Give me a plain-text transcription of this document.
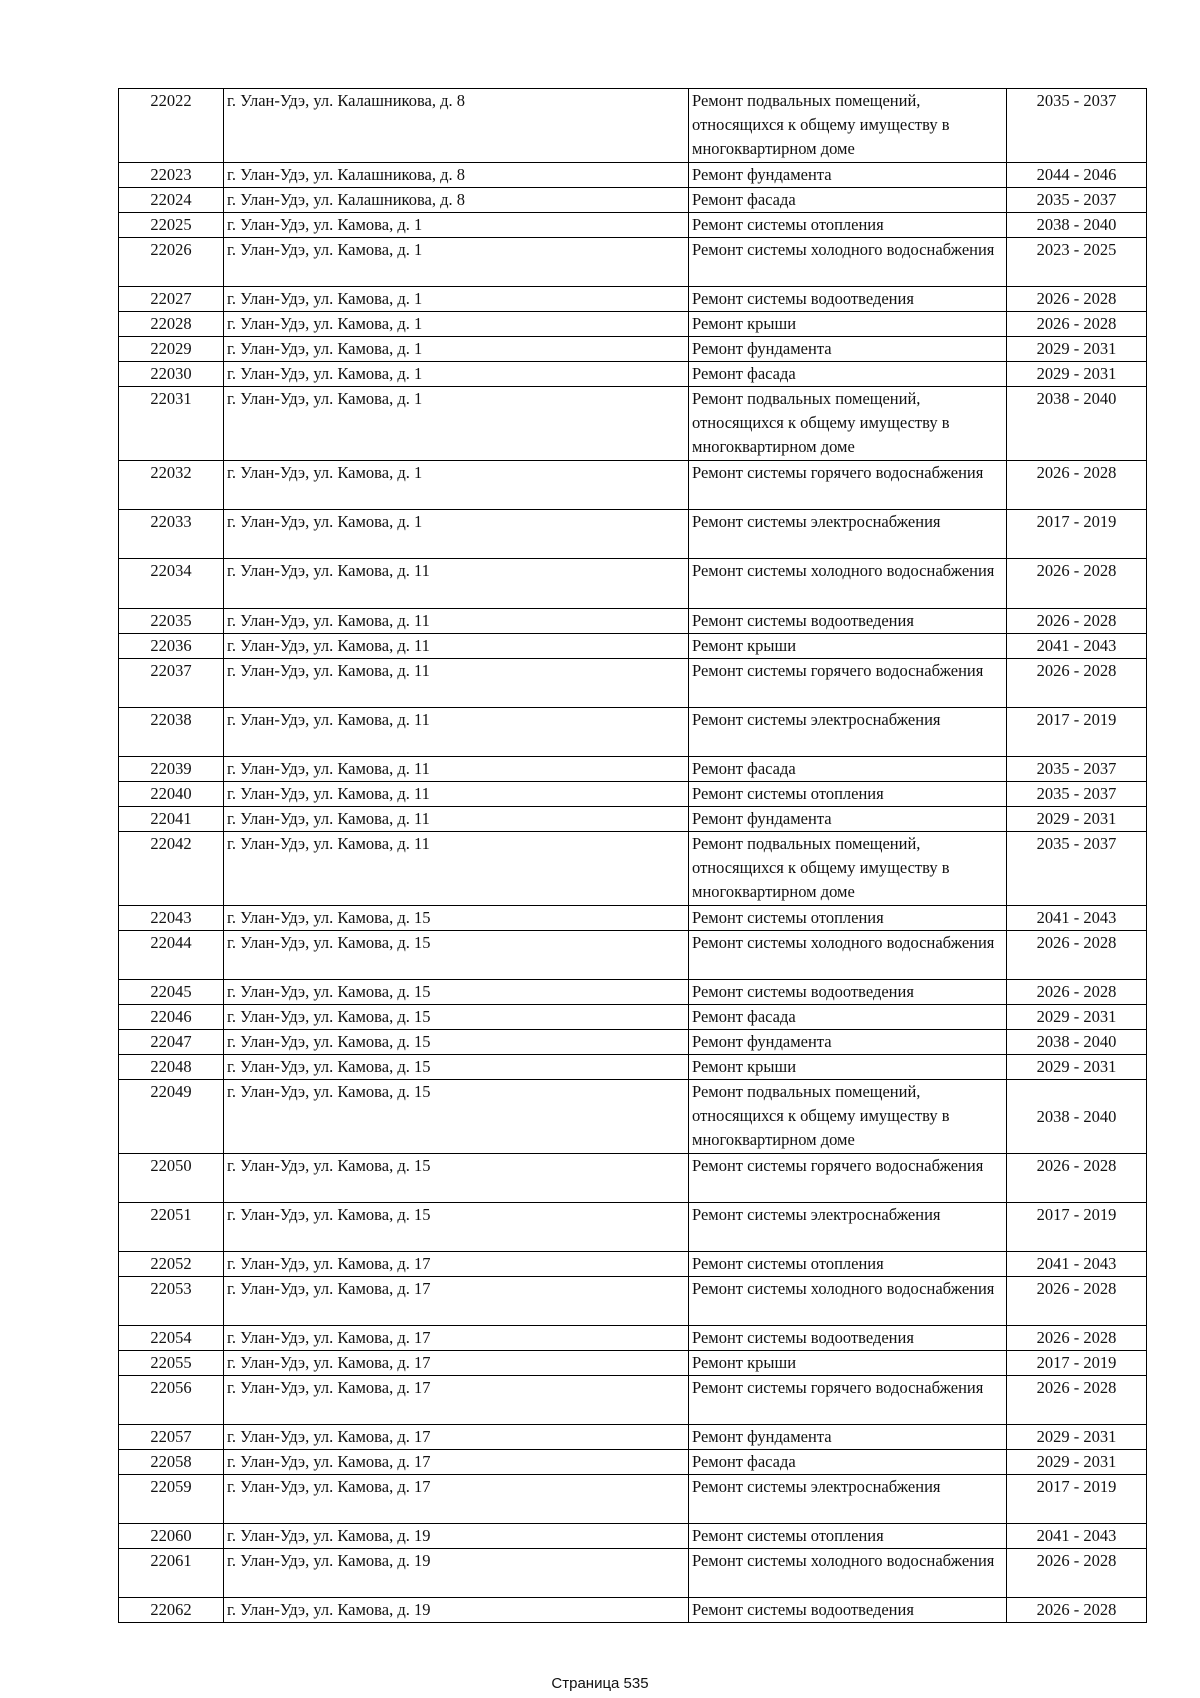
22022	г. Улан-Удэ, ул. Калашникова, д. 8	Ремонт подвальных помещений, относящихся к общему имуществу в многоквартирном доме	2035 - 2037
22023	г. Улан-Удэ, ул. Калашникова, д. 8	Ремонт фундамента	2044 - 2046
22024	г. Улан-Удэ, ул. Калашникова, д. 8	Ремонт фасада	2035 - 2037
22025	г. Улан-Удэ, ул. Камова, д. 1	Ремонт системы отопления	2038 - 2040
22026	г. Улан-Удэ, ул. Камова, д. 1	Ремонт системы холодного водоснабжения	2023 - 2025
22027	г. Улан-Удэ, ул. Камова, д. 1	Ремонт системы водоотведения	2026 - 2028
22028	г. Улан-Удэ, ул. Камова, д. 1	Ремонт крыши	2026 - 2028
22029	г. Улан-Удэ, ул. Камова, д. 1	Ремонт фундамента	2029 - 2031
22030	г. Улан-Удэ, ул. Камова, д. 1	Ремонт фасада	2029 - 2031
22031	г. Улан-Удэ, ул. Камова, д. 1	Ремонт подвальных помещений, относящихся к общему имуществу в многоквартирном доме	2038 - 2040
22032	г. Улан-Удэ, ул. Камова, д. 1	Ремонт системы горячего водоснабжения	2026 - 2028
22033	г. Улан-Удэ, ул. Камова, д. 1	Ремонт системы электроснабжения	2017 - 2019
22034	г. Улан-Удэ, ул. Камова, д. 11	Ремонт системы холодного водоснабжения	2026 - 2028
22035	г. Улан-Удэ, ул. Камова, д. 11	Ремонт системы водоотведения	2026 - 2028
22036	г. Улан-Удэ, ул. Камова, д. 11	Ремонт крыши	2041 - 2043
22037	г. Улан-Удэ, ул. Камова, д. 11	Ремонт системы горячего водоснабжения	2026 - 2028
22038	г. Улан-Удэ, ул. Камова, д. 11	Ремонт системы электроснабжения	2017 - 2019
22039	г. Улан-Удэ, ул. Камова, д. 11	Ремонт фасада	2035 - 2037
22040	г. Улан-Удэ, ул. Камова, д. 11	Ремонт системы отопления	2035 - 2037
22041	г. Улан-Удэ, ул. Камова, д. 11	Ремонт фундамента	2029 - 2031
22042	г. Улан-Удэ, ул. Камова, д. 11	Ремонт подвальных помещений, относящихся к общему имуществу в многоквартирном доме	2035 - 2037
22043	г. Улан-Удэ, ул. Камова, д. 15	Ремонт системы отопления	2041 - 2043
22044	г. Улан-Удэ, ул. Камова, д. 15	Ремонт системы холодного водоснабжения	2026 - 2028
22045	г. Улан-Удэ, ул. Камова, д. 15	Ремонт системы водоотведения	2026 - 2028
22046	г. Улан-Удэ, ул. Камова, д. 15	Ремонт фасада	2029 - 2031
22047	г. Улан-Удэ, ул. Камова, д. 15	Ремонт фундамента	2038 - 2040
22048	г. Улан-Удэ, ул. Камова, д. 15	Ремонт крыши	2029 - 2031
22049	г. Улан-Удэ, ул. Камова, д. 15	Ремонт подвальных помещений, относящихся к общему имуществу в многоквартирном доме	2038 - 2040
22050	г. Улан-Удэ, ул. Камова, д. 15	Ремонт системы горячего водоснабжения	2026 - 2028
22051	г. Улан-Удэ, ул. Камова, д. 15	Ремонт системы электроснабжения	2017 - 2019
22052	г. Улан-Удэ, ул. Камова, д. 17	Ремонт системы отопления	2041 - 2043
22053	г. Улан-Удэ, ул. Камова, д. 17	Ремонт системы холодного водоснабжения	2026 - 2028
22054	г. Улан-Удэ, ул. Камова, д. 17	Ремонт системы водоотведения	2026 - 2028
22055	г. Улан-Удэ, ул. Камова, д. 17	Ремонт крыши	2017 - 2019
22056	г. Улан-Удэ, ул. Камова, д. 17	Ремонт системы горячего водоснабжения	2026 - 2028
22057	г. Улан-Удэ, ул. Камова, д. 17	Ремонт фундамента	2029 - 2031
22058	г. Улан-Удэ, ул. Камова, д. 17	Ремонт фасада	2029 - 2031
22059	г. Улан-Удэ, ул. Камова, д. 17	Ремонт системы электроснабжения	2017 - 2019
22060	г. Улан-Удэ, ул. Камова, д. 19	Ремонт системы отопления	2041 - 2043
22061	г. Улан-Удэ, ул. Камова, д. 19	Ремонт системы холодного водоснабжения	2026 - 2028
22062	г. Улан-Удэ, ул. Камова, д. 19	Ремонт системы водоотведения	2026 - 2028
Страница 535
